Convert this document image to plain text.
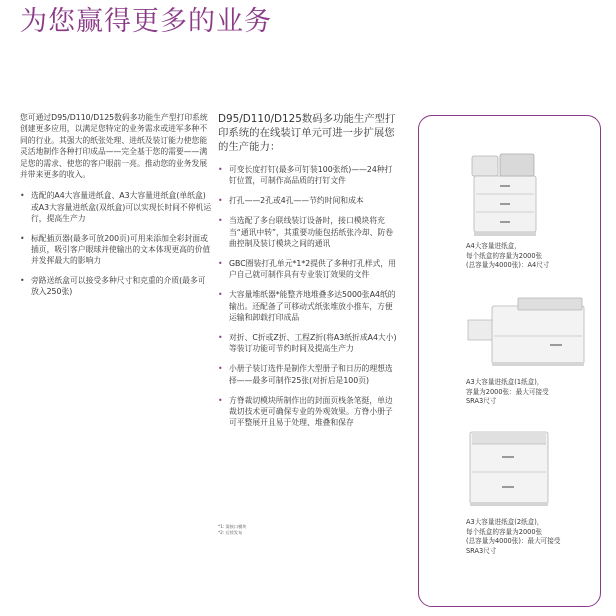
为您赢得更多的业务

您可通过D95/D110/D125数码多功能生产型打印系统创建更多应用，以满足您特定的业务需求或进军多种不同的行业。其强大的纸张处理、进纸及装订能力使您能灵活地制作各种打印成品——完全基于您的需要——满足您的需求、使您的客户眼前一亮。推动您的业务发展并带来更多的收入。

• 选配的A4大容量进纸盒、A3大容量进纸盒(单纸盒)或A3大容量进纸盒(双纸盒)可以实现长时间不停机运行，提高生产力
• 标配插页器(最多可放200页)可用来添加全彩封面或插页，吸引客户眼球并使输出的文本体现更高的价值并发挥最大的影响力
• 旁路送纸盒可以接受多种尺寸和克重的介质(最多可放入250张)

D95/D110/D125数码多功能生产型打印系统的在线装订单元可进一步扩展您的生产能力：

• 可变长度打钉(最多可钉装100张纸)——24种打钉位置，可制作高品质的打钉文件
• 打孔——2孔或4孔——节约时间和成本
• 当选配了多台联线装订设备时，接口模块将充当“通讯中转”，其重要功能包括纸张冷却、防卷曲控制及装订模块之间的通讯
• GBC圈装打孔单元*1*2提供了多种打孔样式，用户自己就可制作具有专业装订效果的文件
• 大容量堆纸器*能整齐地堆叠多达5000张A4纸的输出。还配备了可移动式纸张堆放小推车，方便运输和卸载打印成品
• 对折、C折或Z折、工程Z折(将A3纸折成A4大小)等装订功能可节约时间及提高生产力
• 小册子装订选件是制作大型册子和日历的理想选择——最多可制作25张(对折后是100页)
• 方脊裁切模块所制作出的封面页栈条笔挺，单边裁切技术更可确保专业的外观效果。方脊小册子可平整展开且易于处理、堆叠和保存
*1: 需接口模块
*2: 后续发布
A4大容量进纸盒，
每个纸盒的容量为2000张
(总容量为4000张)：A4尺寸
A3大容量进纸盒(1纸盒)，
容量为2000张：最大可接受
SRA3尺寸
A3大容量进纸盒(2纸盒)，
每个纸盒的容量为2000张
(总容量为4000张)：最大可接受
SRA3尺寸
